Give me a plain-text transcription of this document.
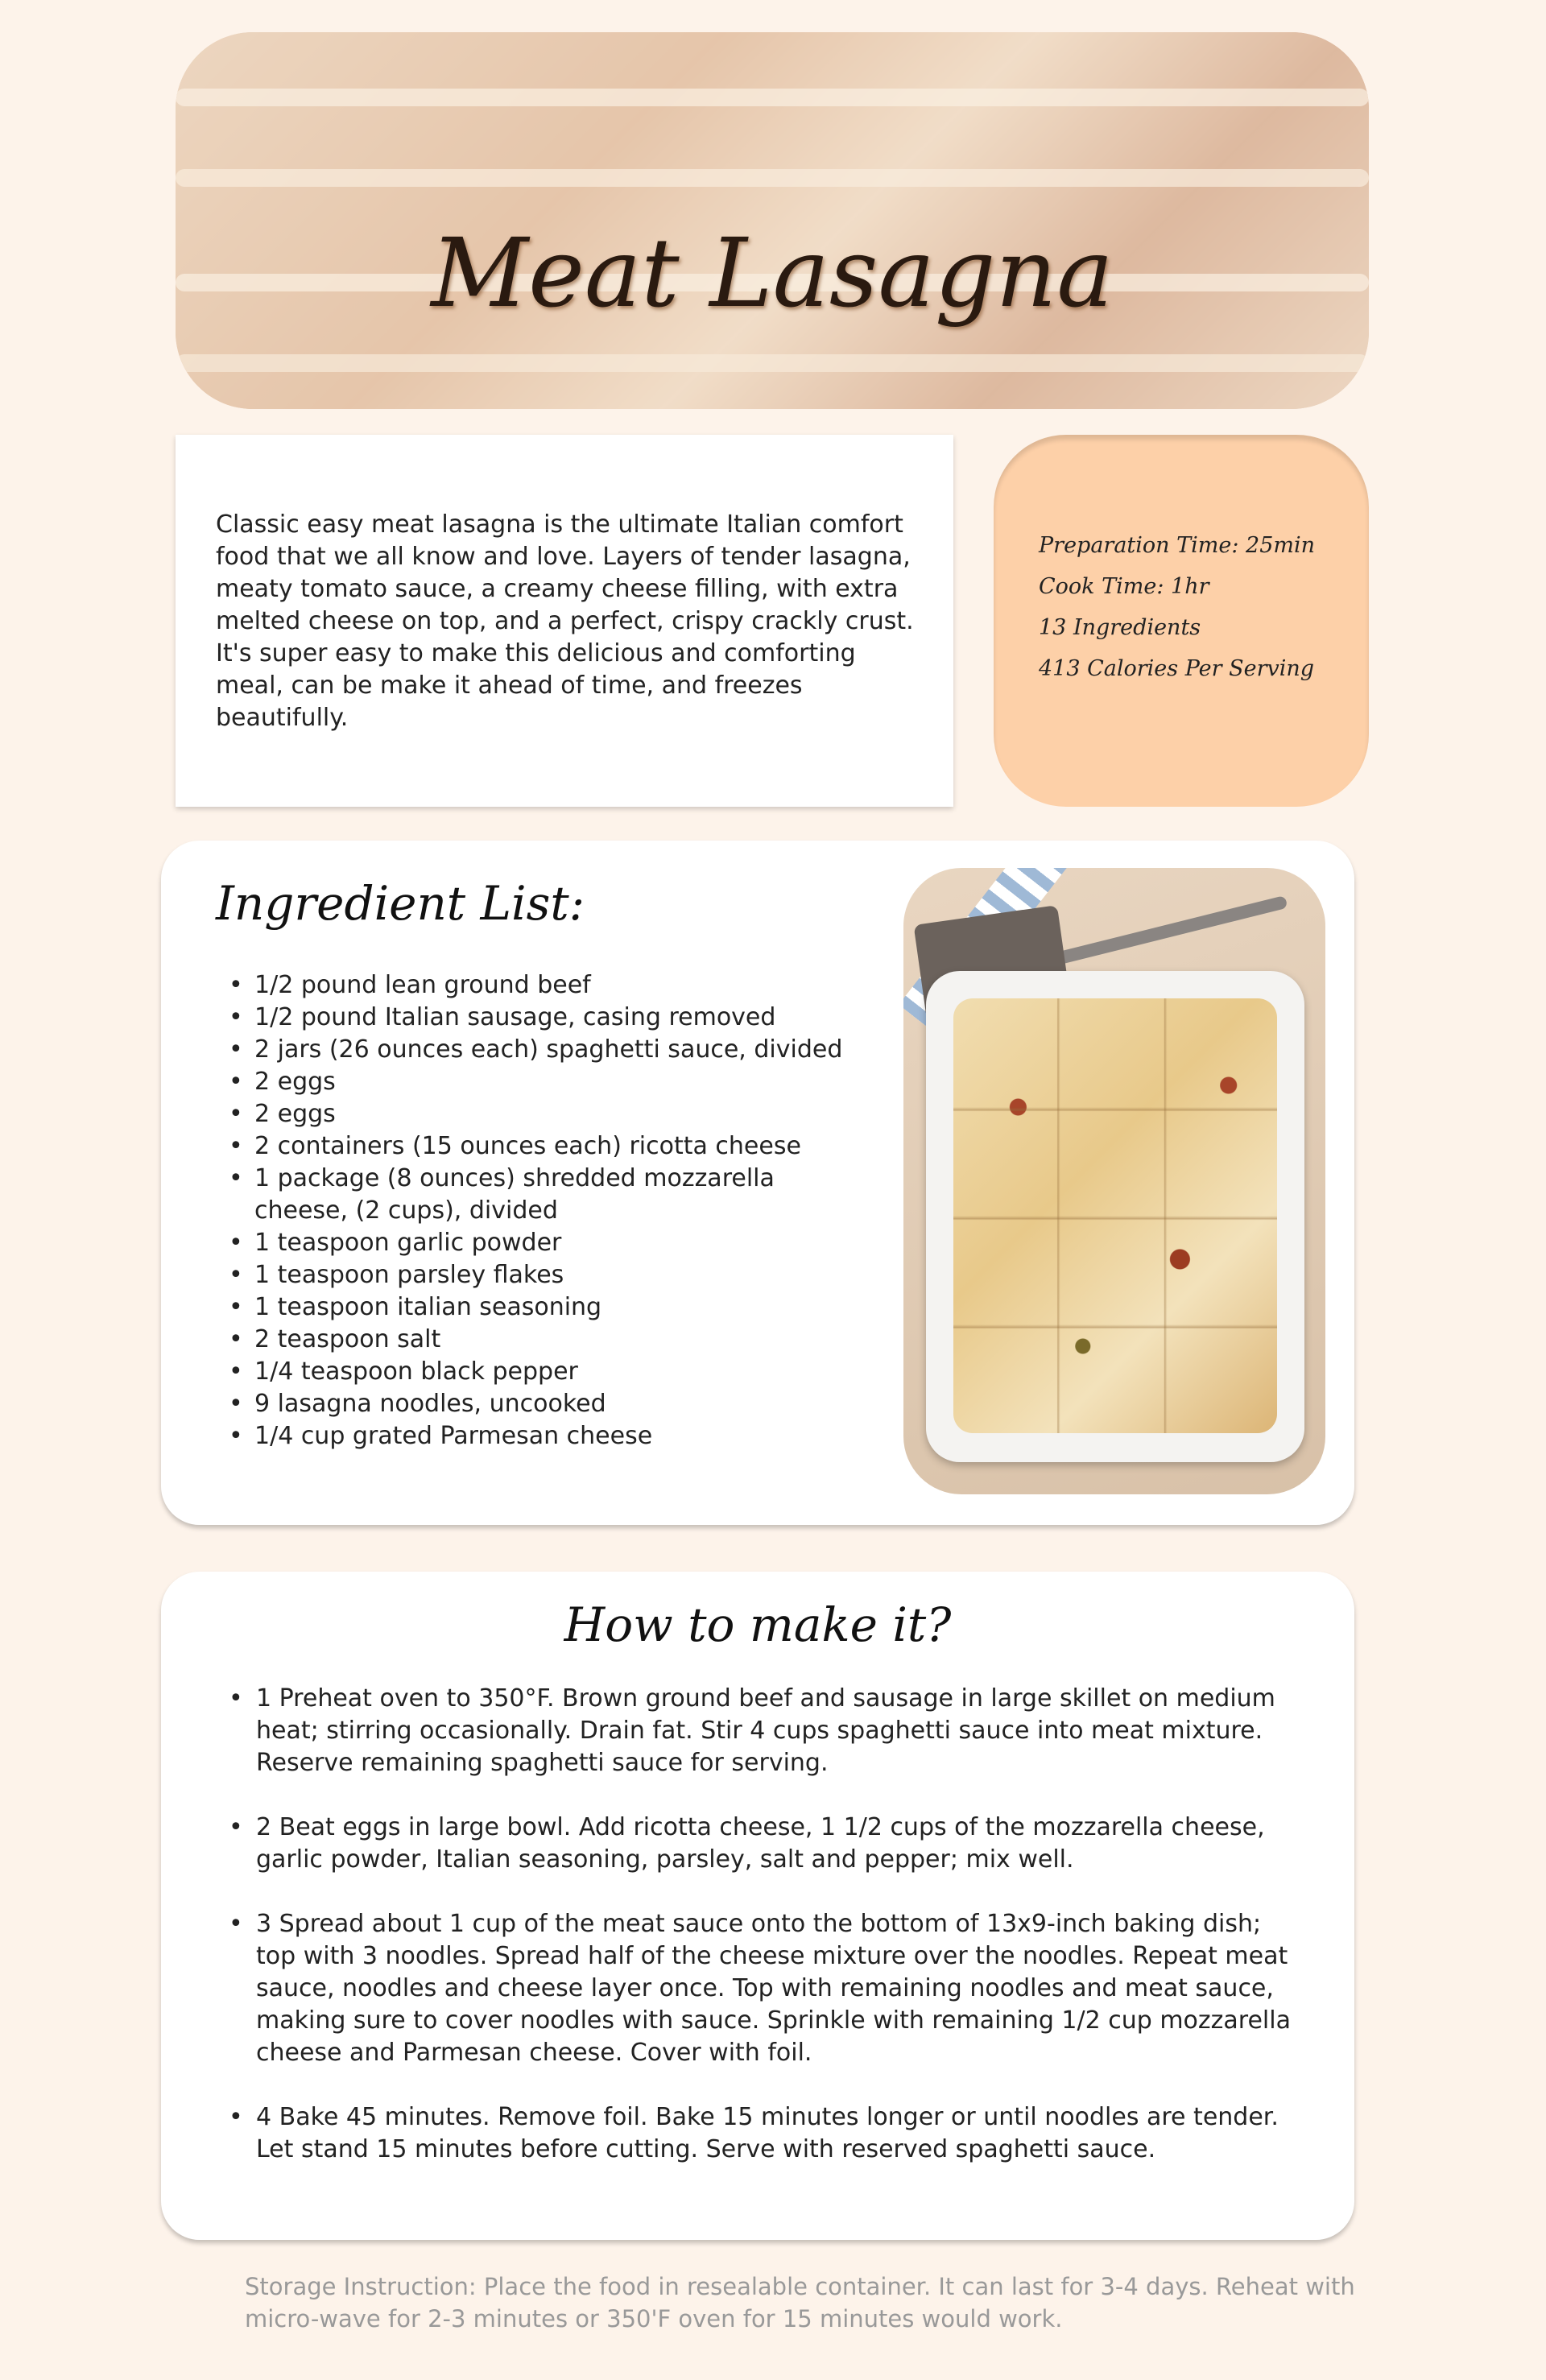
Meat Lasagna
Classic easy meat lasagna is the ultimate Italian comfort food that we all know and love. Layers of tender lasagna, meaty tomato sauce, a creamy cheese filling, with extra melted cheese on top, and a perfect, crispy crackly crust. It's super easy to make this delicious and comforting meal, can be make it ahead of time, and freezes beautifully.
Preparation Time: 25min
Cook Time: 1hr
13 Ingredients
413 Calories Per Serving
Ingredient List:
• 1/2 pound lean ground beef
• 1/2 pound Italian sausage, casing removed
• 2 jars (26 ounces each) spaghetti sauce, divided
• 2 eggs
• 2 eggs
• 2 containers (15 ounces each) ricotta cheese
• 1 package (8 ounces) shredded mozzarella cheese, (2 cups), divided
• 1 teaspoon garlic powder
• 1 teaspoon parsley flakes
• 1 teaspoon italian seasoning
• 2 teaspoon salt
• 1/4 teaspoon black pepper
• 9 lasagna noodles, uncooked
• 1/4 cup grated Parmesan cheese
How to make it?
• 1 Preheat oven to 350°F. Brown ground beef and sausage in large skillet on medium heat; stirring occasionally. Drain fat. Stir 4 cups spaghetti sauce into meat mixture. Reserve remaining spaghetti sauce for serving.
• 2 Beat eggs in large bowl. Add ricotta cheese, 1 1/2 cups of the mozzarella cheese, garlic powder, Italian seasoning, parsley, salt and pepper; mix well.
• 3 Spread about 1 cup of the meat sauce onto the bottom of 13x9-inch baking dish; top with 3 noodles. Spread half of the cheese mixture over the noodles. Repeat meat sauce, noodles and cheese layer once. Top with remaining noodles and meat sauce, making sure to cover noodles with sauce. Sprinkle with remaining 1/2 cup mozzarella cheese and Parmesan cheese. Cover with foil.
• 4 Bake 45 minutes. Remove foil. Bake 15 minutes longer or until noodles are tender. Let stand 15 minutes before cutting. Serve with reserved spaghetti sauce.
Storage Instruction: Place the food in resealable container. It can last for 3-4 days. Reheat with micro-wave for 2-3 minutes or 350'F oven for 15 minutes would work.
